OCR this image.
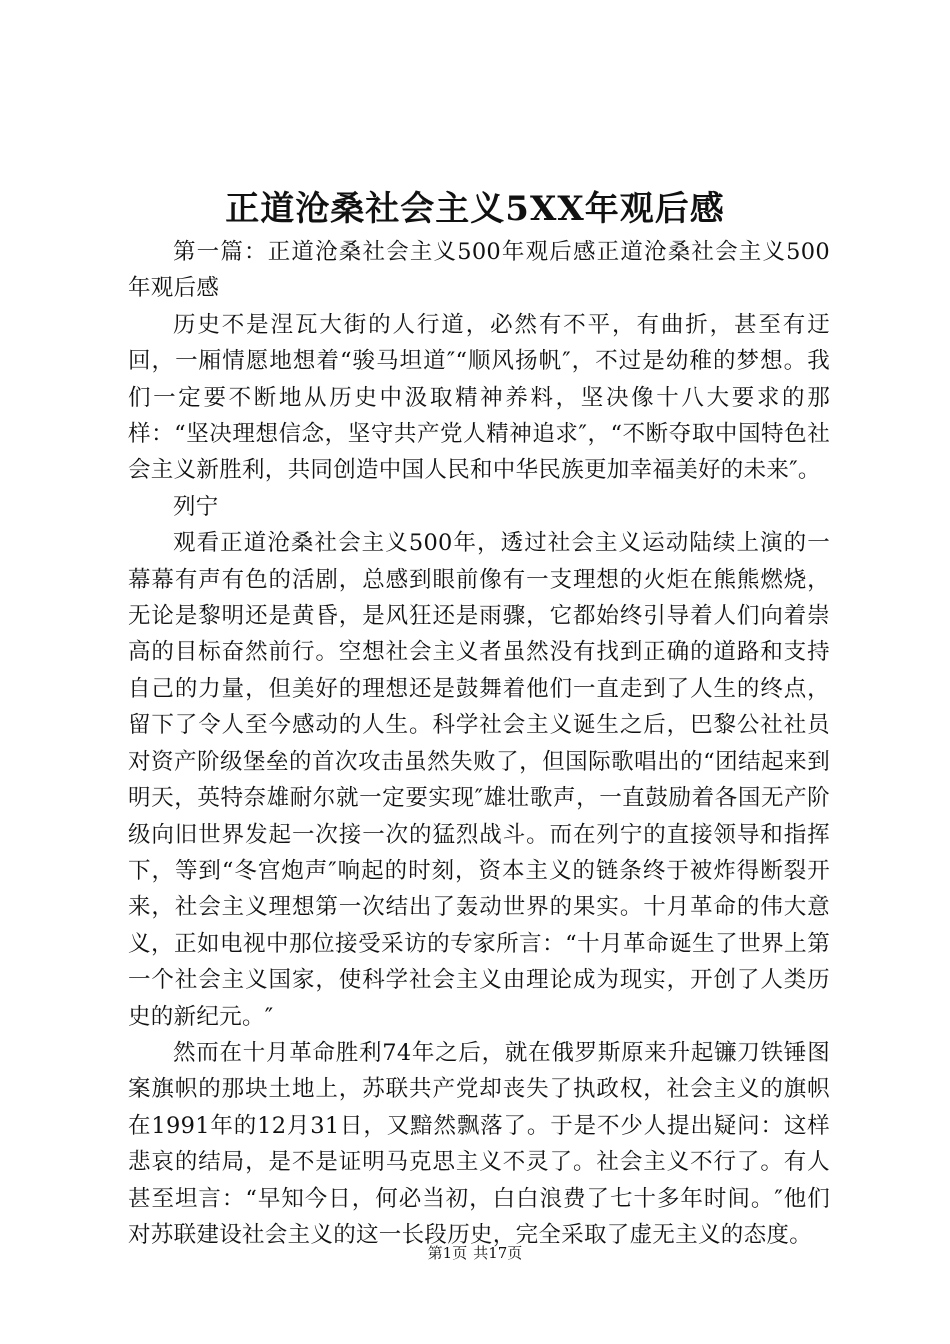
正道沧桑社会主义5XX年观后感

第一篇：正道沧桑社会主义500年观后感正道沧桑社会主义500年观后感

历史不是涅瓦大街的人行道，必然有不平，有曲折，甚至有迂回，一厢情愿地想着“骏马坦道″“顺风扬帆″，不过是幼稚的梦想。我们一定要不断地从历史中汲取精神养料，坚决像十八大要求的那样：“坚决理想信念，坚守共产党人精神追求″，“不断夺取中国特色社会主义新胜利，共同创造中国人民和中华民族更加幸福美好的未来″。

列宁

观看正道沧桑社会主义500年，透过社会主义运动陆续上演的一幕幕有声有色的活剧，总感到眼前像有一支理想的火炬在熊熊燃烧，无论是黎明还是黄昏，是风狂还是雨骤，它都始终引导着人们向着崇高的目标奋然前行。空想社会主义者虽然没有找到正确的道路和支持自己的力量，但美好的理想还是鼓舞着他们一直走到了人生的终点，留下了令人至今感动的人生。科学社会主义诞生之后，巴黎公社社员对资产阶级堡垒的首次攻击虽然失败了，但国际歌唱出的“团结起来到明天，英特奈雄耐尔就一定要实现″雄壮歌声，一直鼓励着各国无产阶级向旧世界发起一次接一次的猛烈战斗。而在列宁的直接领导和指挥下，等到“冬宫炮声″响起的时刻，资本主义的链条终于被炸得断裂开来，社会主义理想第一次结出了轰动世界的果实。十月革命的伟大意义，正如电视中那位接受采访的专家所言：“十月革命诞生了世界上第一个社会主义国家，使科学社会主义由理论成为现实，开创了人类历史的新纪元。″

然而在十月革命胜利74年之后，就在俄罗斯原来升起镰刀铁锤图案旗帜的那块土地上，苏联共产党却丧失了执政权，社会主义的旗帜在1991年的12月31日，又黯然飘落了。于是不少人提出疑问：这样悲哀的结局，是不是证明马克思主义不灵了。社会主义不行了。有人甚至坦言：“早知今日，何必当初，白白浪费了七十多年时间。″他们对苏联建设社会主义的这一长段历史，完全采取了虚无主义的态度。

第1页 共17页
